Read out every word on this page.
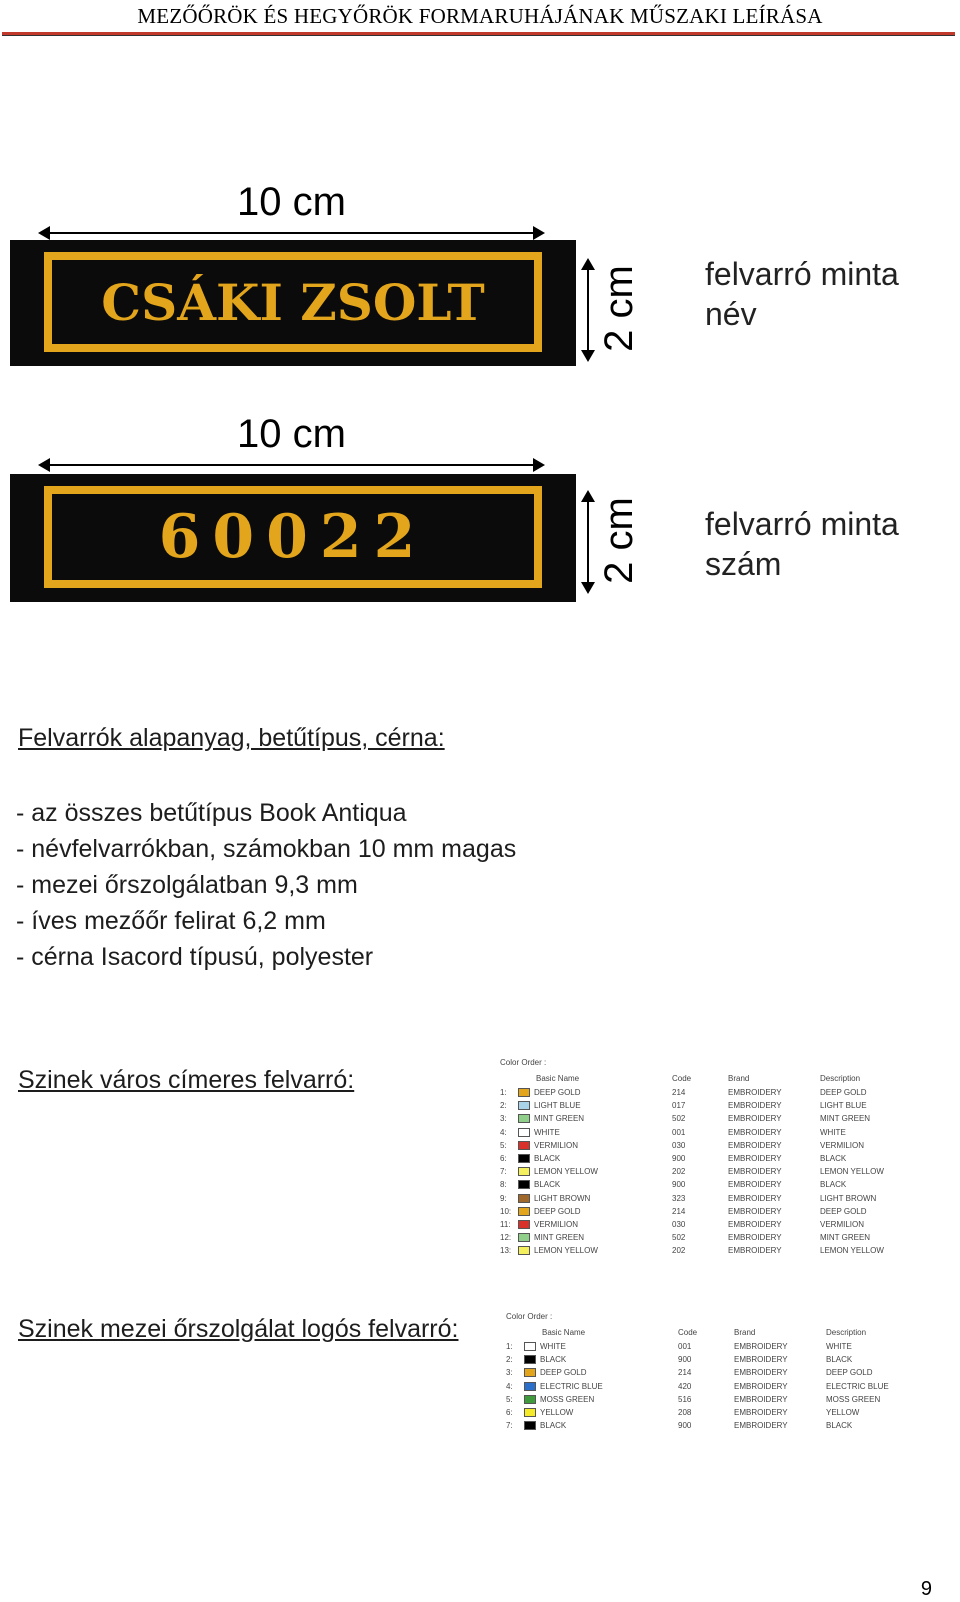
MEZŐŐRÖK ÉS HEGYŐRÖK FORMARUHÁJÁNAK MŰSZAKI LEÍRÁSA
10 cm
CSÁKI ZSOLT	2 cm felvarró minta
név
10 cm
60022	2 cm felvarró minta
szám
Felvarrók alapanyag, betűtípus, cérna:
- az összes betűtípus Book Antiqua
- névfelvarrókban, számokban 10 mm magas
- mezei őrszolgálatban 9,3 mm
- íves mezőőr felirat 6,2 mm
- cérna Isacord típusú, polyester
Szinek város címeres felvarró:
Color Order :
Basic Name	Code	Brand	Description
1:	DEEP GOLD	214	EMBROIDERY	DEEP GOLD
2:	LIGHT BLUE	017	EMBROIDERY	LIGHT BLUE
3:	MINT GREEN	502	EMBROIDERY	MINT GREEN
4:	WHITE	001	EMBROIDERY	WHITE
5:	VERMILION	030	EMBROIDERY	VERMILION
6:	BLACK	900	EMBROIDERY	BLACK
7:	LEMON YELLOW	202	EMBROIDERY	LEMON YELLOW
8:	BLACK	900	EMBROIDERY	BLACK
9:	LIGHT BROWN	323	EMBROIDERY	LIGHT BROWN
10:	DEEP GOLD	214	EMBROIDERY	DEEP GOLD
11:	VERMILION	030	EMBROIDERY	VERMILION
12:	MINT GREEN	502	EMBROIDERY	MINT GREEN
13:	LEMON YELLOW	202	EMBROIDERY	LEMON YELLOW
Szinek mezei őrszolgálat logós felvarró:	Color Order :
Basic Name	Code	Brand	Description
1:	WHITE	001	EMBROIDERY	WHITE
2:	BLACK	900	EMBROIDERY	BLACK
3:	DEEP GOLD	214	EMBROIDERY	DEEP GOLD
4:	ELECTRIC BLUE	420	EMBROIDERY	ELECTRIC BLUE
5:	MOSS GREEN	516	EMBROIDERY	MOSS GREEN
6:	YELLOW	208	EMBROIDERY	YELLOW
7:	BLACK	900	EMBROIDERY	BLACK
9
